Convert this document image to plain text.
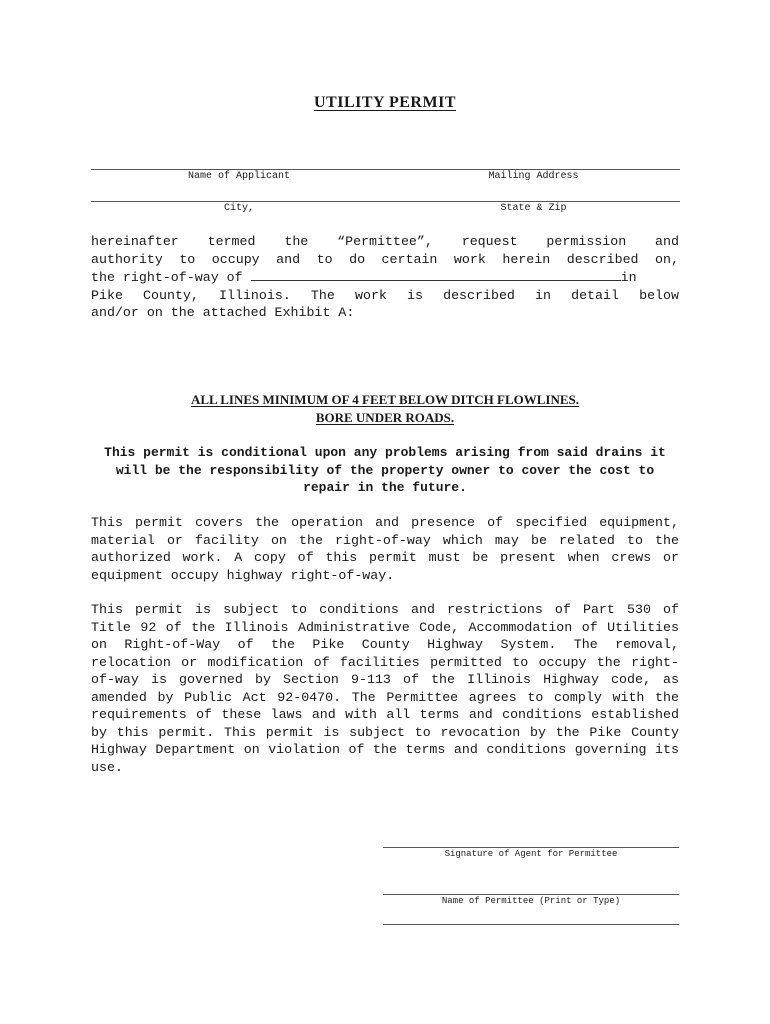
UTILITY PERMIT
Name of Applicant	Mailing Address
City,	State & Zip
hereinafter termed the “Permittee”, request permission and
authority to occupy and to do certain work herein described on,
the right-of-way of	in
Pike County, Illinois. The work is described in detail below
and/or on the attached Exhibit A:
ALL LINES MINIMUM OF 4 FEET BELOW DITCH FLOWLINES.
BORE UNDER ROADS.
This permit is conditional upon any problems arising from said drains it will be the responsibility of the property owner to cover the cost to repair in the future.
This permit covers the operation and presence of specified equipment, material or facility on the right-of-way which may be related to the authorized work. A copy of this permit must be present when crews or equipment occupy highway right-of-way.
This permit is subject to conditions and restrictions of Part 530 of Title 92 of the Illinois Administrative Code, Accommodation of Utilities on Right-of-Way of the Pike County Highway System. The removal, relocation or modification of facilities permitted to occupy the right-of-way is governed by Section 9-113 of the Illinois Highway code, as amended by Public Act 92-0470. The Permittee agrees to comply with the requirements of these laws and with all terms and conditions established by this permit. This permit is subject to revocation by the Pike County Highway Department on violation of the terms and conditions governing its use.
Signature of Agent for Permittee
Name of Permittee (Print or Type)
